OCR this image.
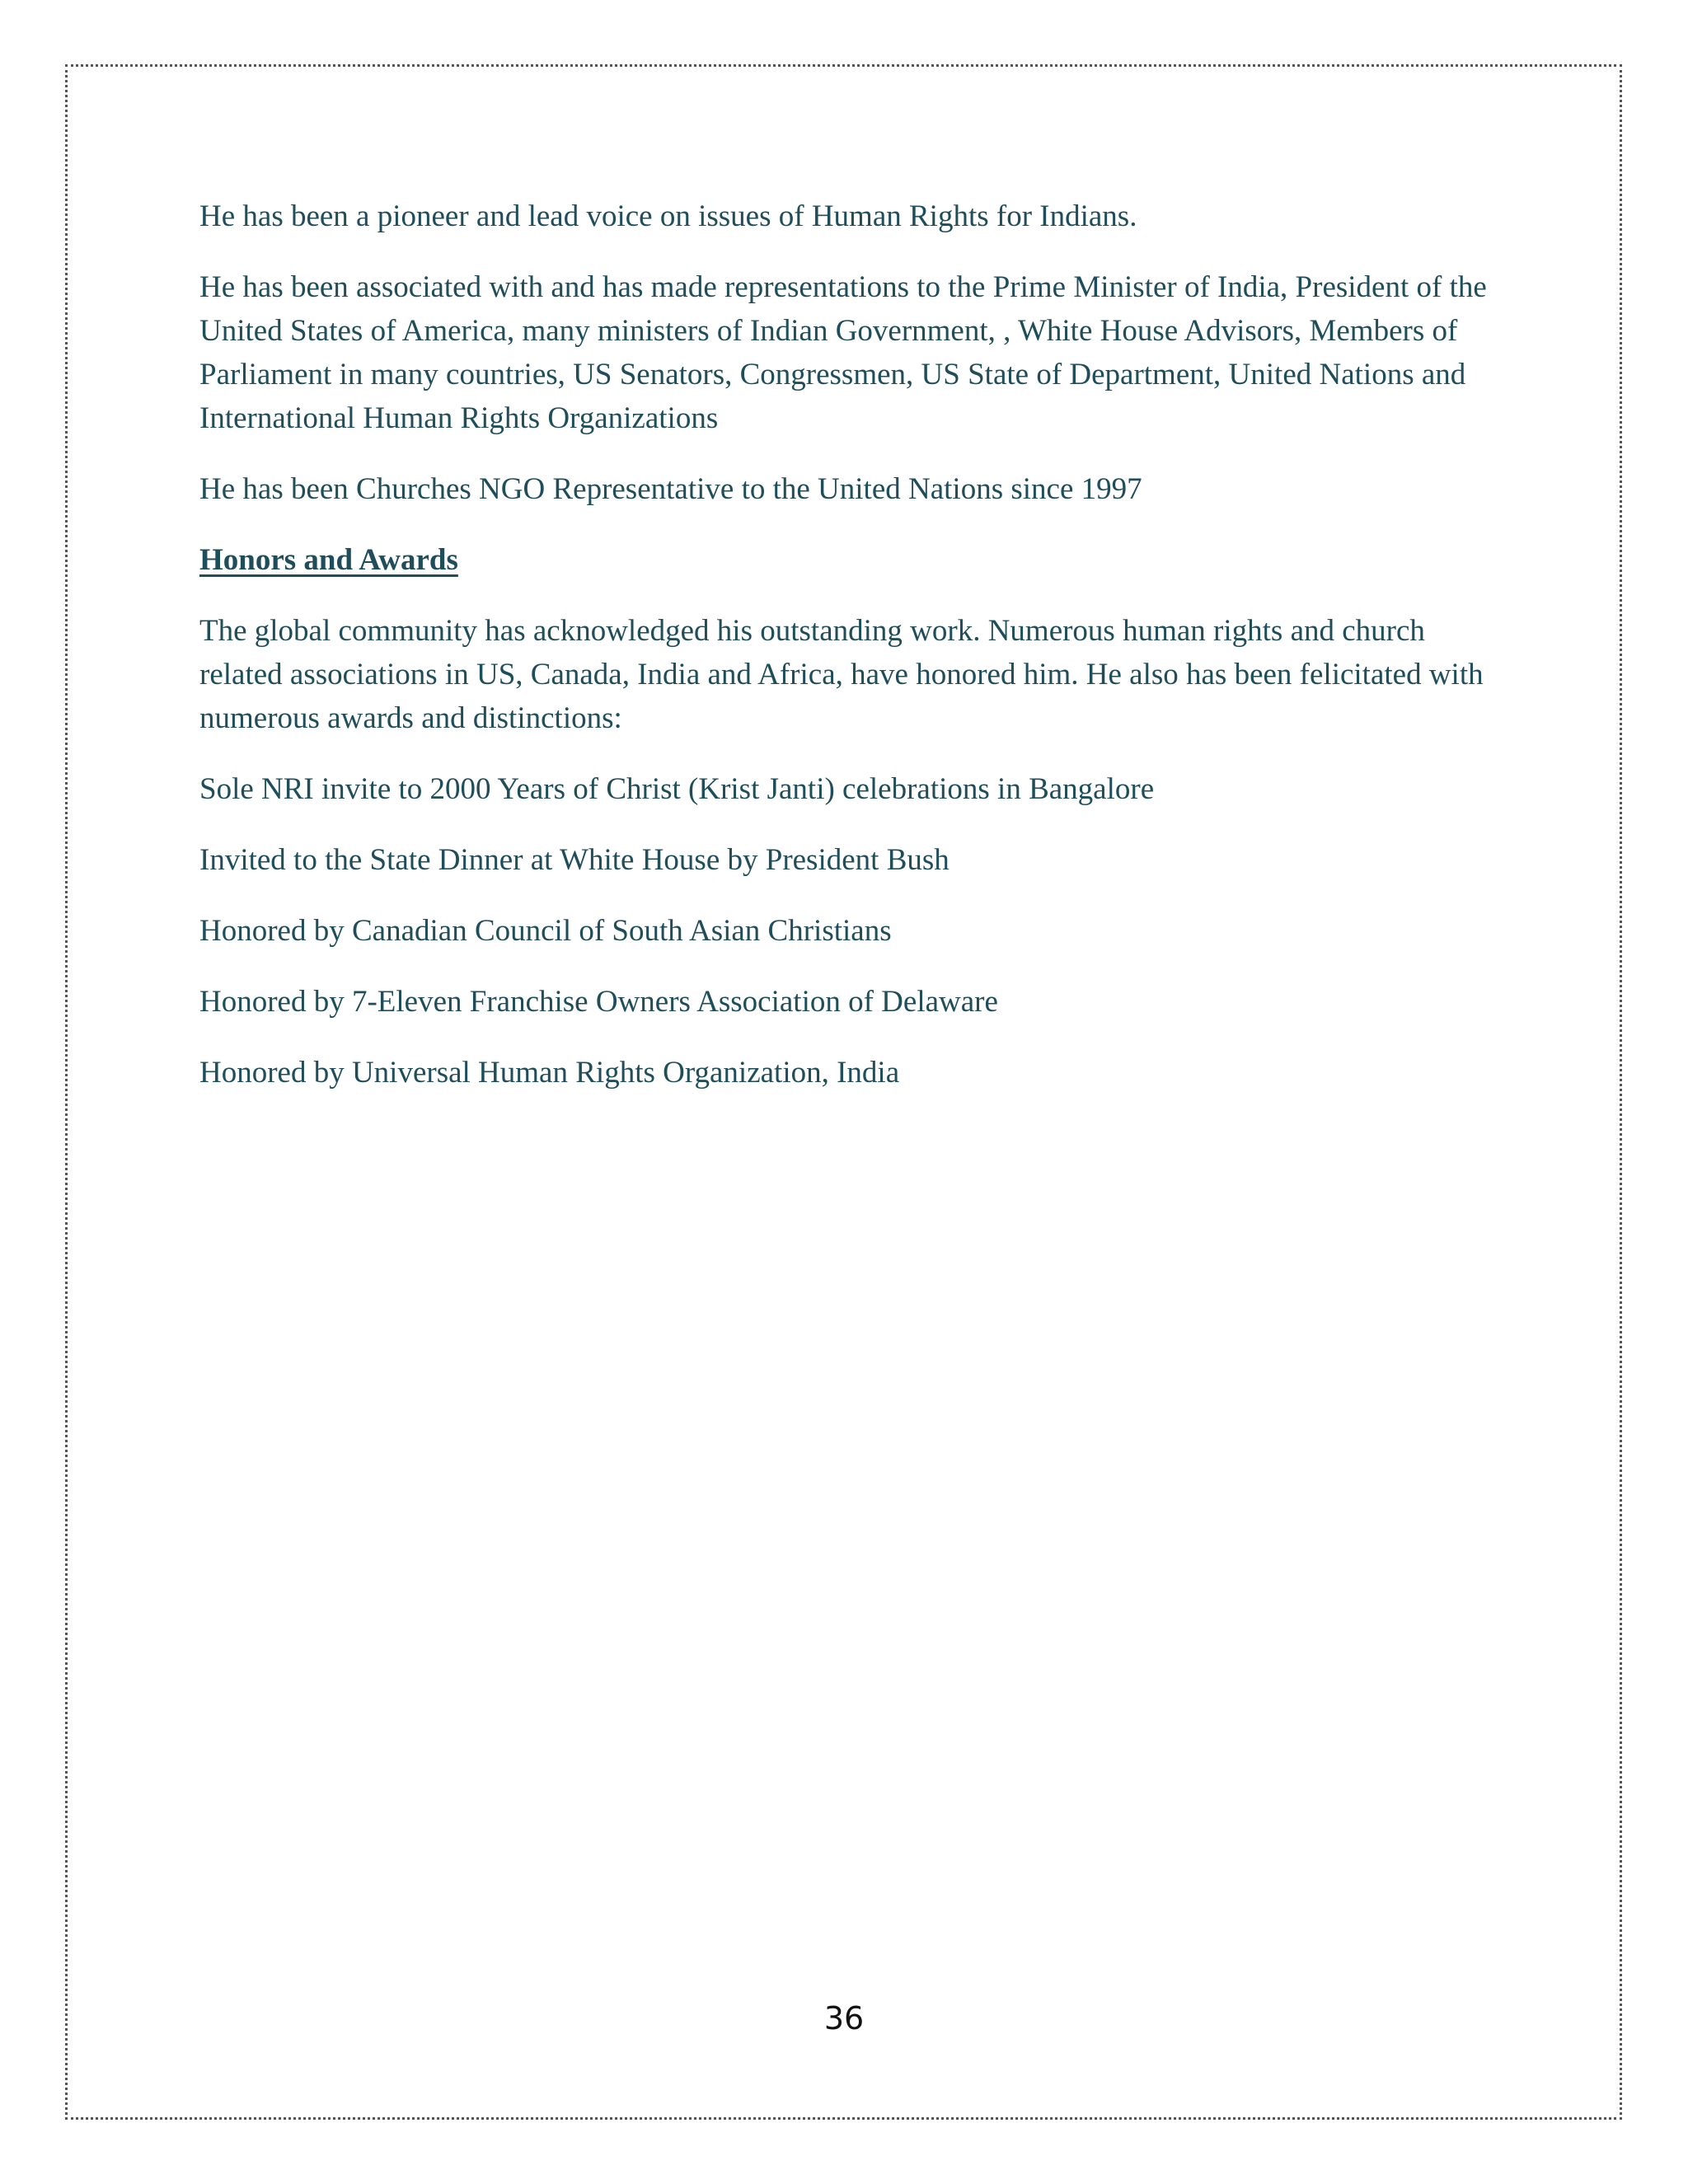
He has been a pioneer and lead voice on issues of Human Rights for Indians.

He has been associated with and has made representations to the Prime Minister of India, President of the United States of America, many ministers of Indian Government, , White House Advisors, Members of Parliament in many countries, US Senators, Congressmen, US State of Department, United Nations and International Human Rights Organizations

He has been Churches NGO Representative to the United Nations since 1997

Honors and Awards

The global community has acknowledged his outstanding work. Numerous human rights and church related associations in US, Canada, India and Africa, have honored him. He also has been felicitated with numerous awards and distinctions:

Sole NRI invite to 2000 Years of Christ (Krist Janti) celebrations in Bangalore

Invited to the State Dinner at White House by President Bush

Honored by Canadian Council of South Asian Christians

Honored by 7-Eleven Franchise Owners Association of Delaware

Honored by Universal Human Rights Organization, India

36
